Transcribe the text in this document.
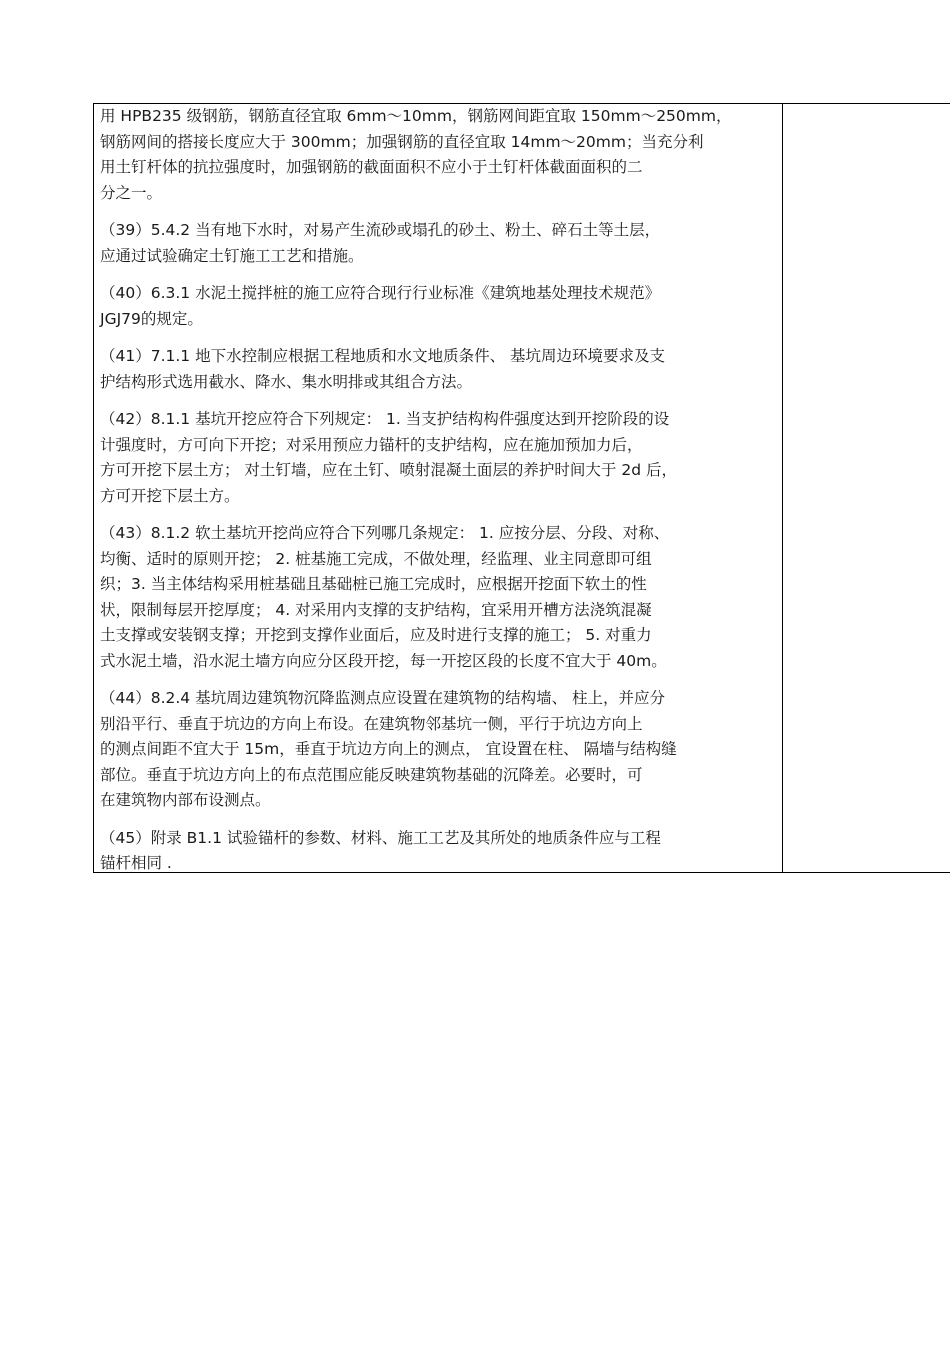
用 HPB235 级钢筋，钢筋直径宜取 6mm～10mm，钢筋网间距宜取 150mm～250mm，
钢筋网间的搭接长度应大于 300mm；加强钢筋的直径宜取 14mm～20mm；当充分利
用土钉杆体的抗拉强度时，加强钢筋的截面面积不应小于土钉杆体截面面积的二
分之一。

（39）5.4.2 当有地下水时，对易产生流砂或塌孔的砂土、粉土、碎石土等土层，
应通过试验确定土钉施工工艺和措施。

（40）6.3.1 水泥土搅拌桩的施工应符合现行行业标准《建筑地基处理技术规范》
JGJ79的规定。

（41）7.1.1 地下水控制应根据工程地质和水文地质条件、 基坑周边环境要求及支
护结构形式选用截水、降水、集水明排或其组合方法。

（42）8.1.1 基坑开挖应符合下列规定： 1. 当支护结构构件强度达到开挖阶段的设
计强度时，方可向下开挖；对采用预应力锚杆的支护结构，应在施加预加力后，
方可开挖下层土方； 对土钉墙，应在土钉、喷射混凝土面层的养护时间大于 2d 后，
方可开挖下层土方。

（43）8.1.2 软土基坑开挖尚应符合下列哪几条规定： 1. 应按分层、分段、对称、
均衡、适时的原则开挖； 2. 桩基施工完成，不做处理，经监理、业主同意即可组
织；3. 当主体结构采用桩基础且基础桩已施工完成时，应根据开挖面下软土的性
状，限制每层开挖厚度； 4. 对采用内支撑的支护结构，宜采用开槽方法浇筑混凝
土支撑或安装钢支撑；开挖到支撑作业面后，应及时进行支撑的施工； 5. 对重力
式水泥土墙，沿水泥土墙方向应分区段开挖，每一开挖区段的长度不宜大于 40m。

（44）8.2.4 基坑周边建筑物沉降监测点应设置在建筑物的结构墙、 柱上，并应分
别沿平行、垂直于坑边的方向上布设。在建筑物邻基坑一侧，平行于坑边方向上
的测点间距不宜大于 15m，垂直于坑边方向上的测点， 宜设置在柱、 隔墙与结构缝
部位。垂直于坑边方向上的布点范围应能反映建筑物基础的沉降差。必要时，可
在建筑物内部布设测点。

（45）附录 B1.1 试验锚杆的参数、材料、施工工艺及其所处的地质条件应与工程
锚杆相同 .
